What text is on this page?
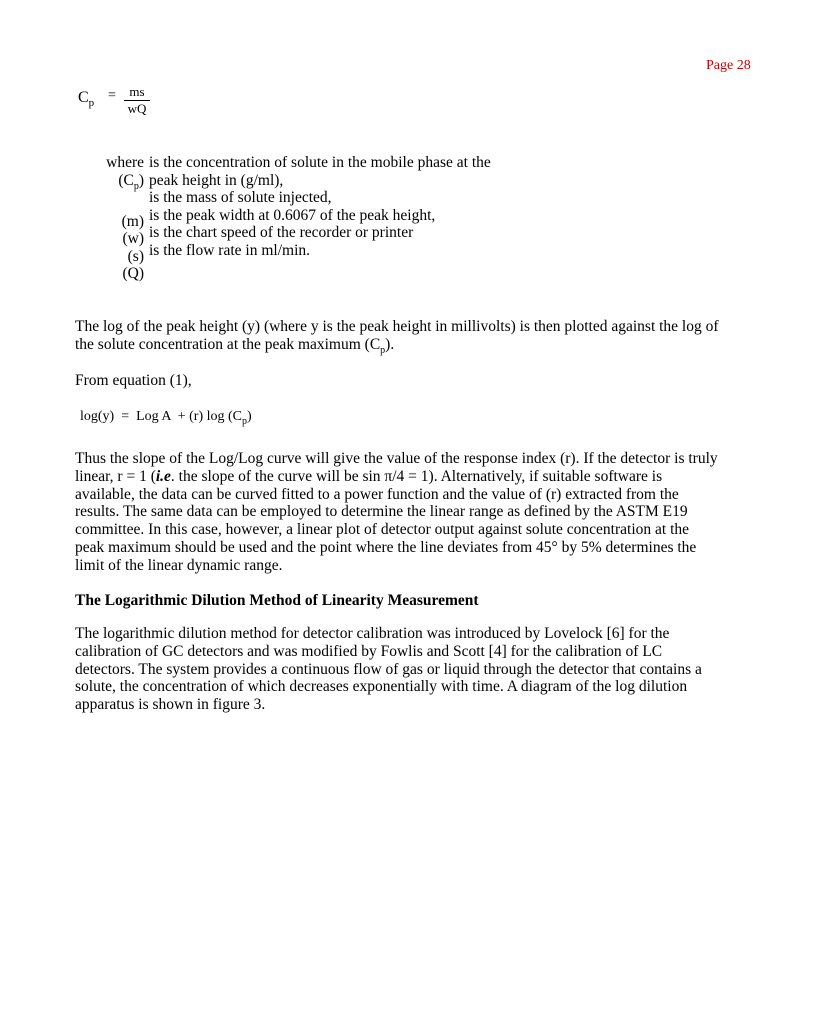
Page 28
$C_p$
= $\frac{ms}{wQ}$
where
$(C_p)$

(m)
(w)
(s)
(Q)
is the concentration of solute in the mobile phase at the
peak height in (g/ml),
is the mass of solute injected,
is the peak width at 0.6067 of the peak height,
is the chart speed of the recorder or printer
is the flow rate in ml/min.
The log of the peak height (y) (where y is the peak height in millivolts) is then plotted against the log of
the solute concentration at the peak maximum $(C_p)$.
From equation (1),
log(y)  =  Log A  + (r) $\log (C_p)$
Thus the slope of the Log/Log curve will give the value of the response index (r). If the detector is truly
linear, r = 1 (i.e. the slope of the curve will be sin π/4 = 1). Alternatively, if suitable software is
available, the data can be curved fitted to a power function and the value of (r) extracted from the
results. The same data can be employed to determine the linear range as defined by the ASTM E19
committee. In this case, however, a linear plot of detector output against solute concentration at the
peak maximum should be used and the point where the line deviates from 45° by 5% determines the
limit of the linear dynamic range.
The Logarithmic Dilution Method of Linearity Measurement
The logarithmic dilution method for detector calibration was introduced by Lovelock [6] for the
calibration of GC detectors and was modified by Fowlis and Scott [4] for the calibration of LC
detectors. The system provides a continuous flow of gas or liquid through the detector that contains a
solute, the concentration of which decreases exponentially with time. A diagram of the log dilution
apparatus is shown in figure 3.
